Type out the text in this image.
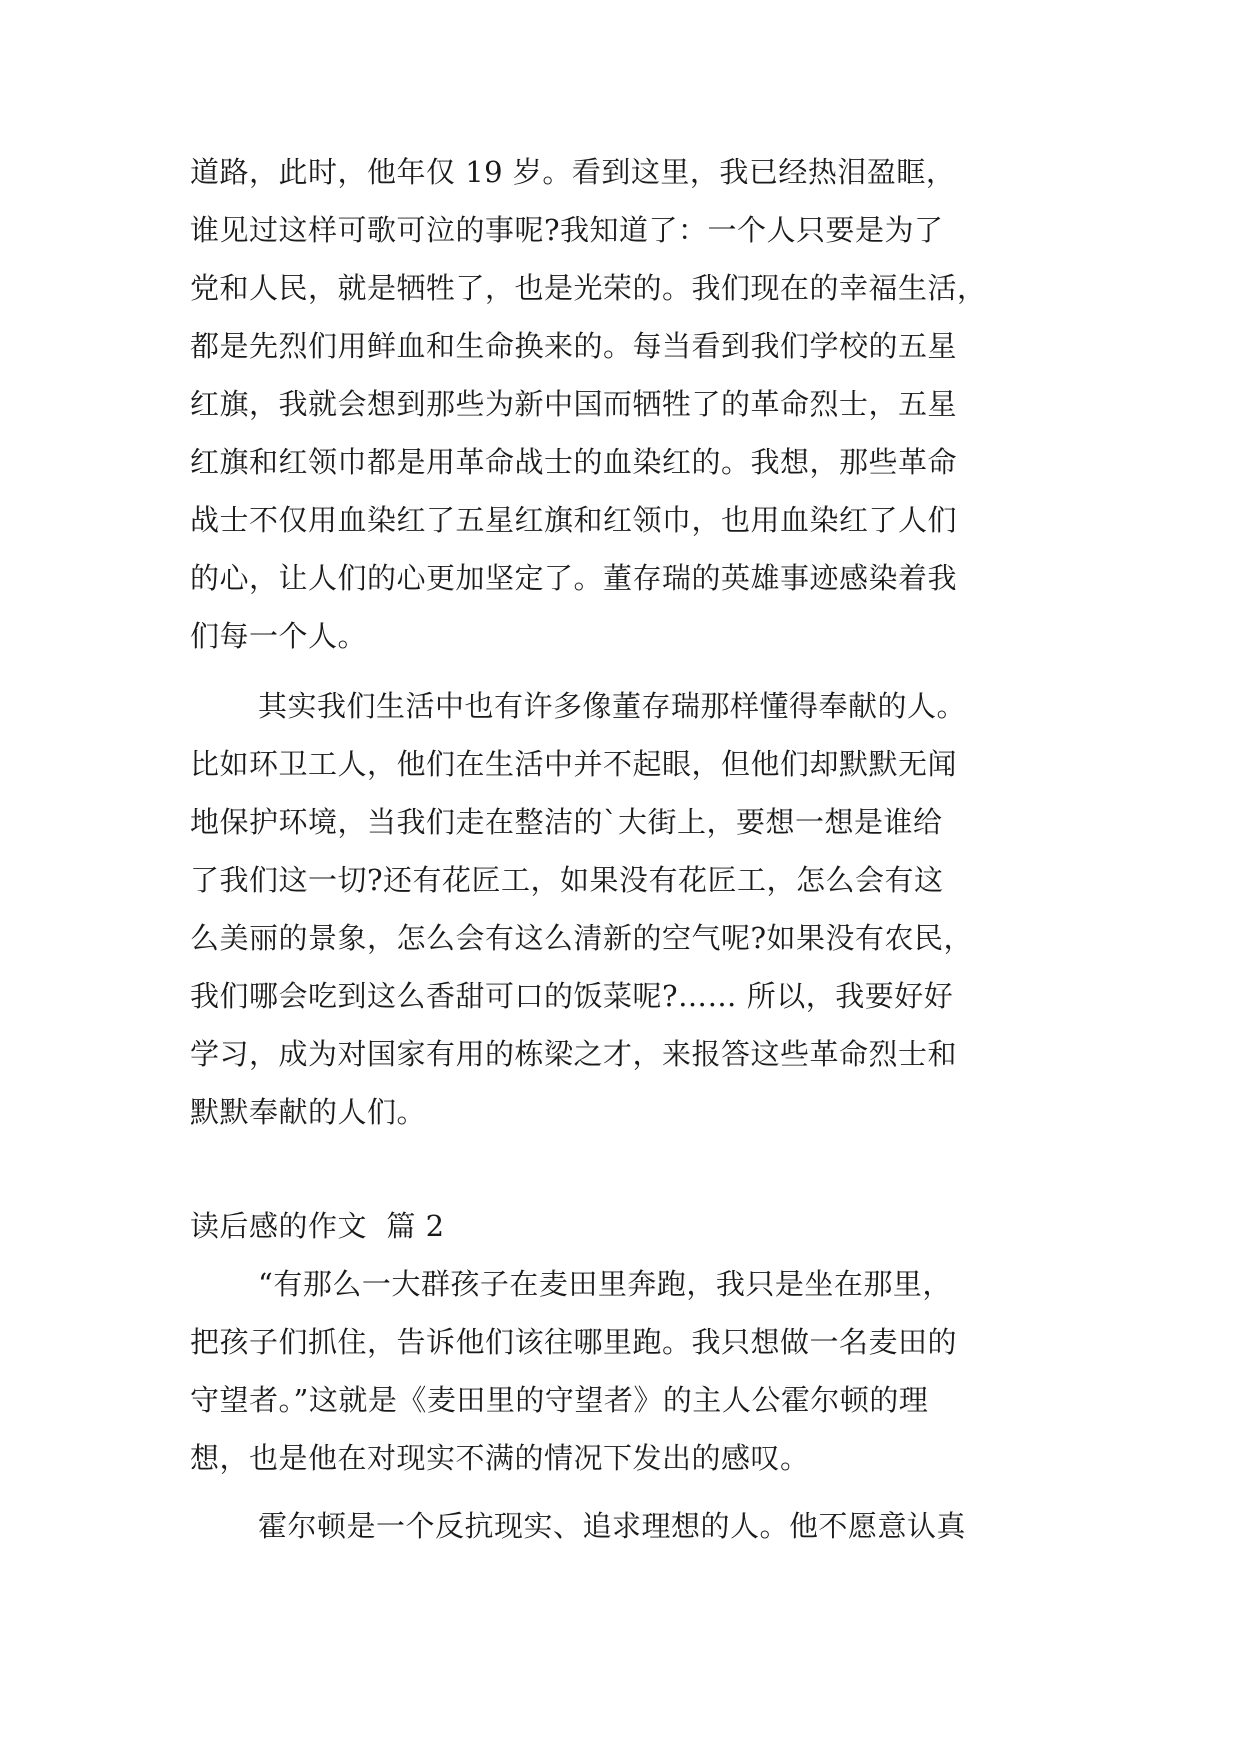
道路，此时，他年仅 19 岁。看到这里，我已经热泪盈眶，
谁见过这样可歌可泣的事呢?我知道了：一个人只要是为了
党和人民，就是牺牲了，也是光荣的。我们现在的幸福生活，
都是先烈们用鲜血和生命换来的。每当看到我们学校的五星
红旗，我就会想到那些为新中国而牺牲了的革命烈士，五星
红旗和红领巾都是用革命战士的血染红的。我想，那些革命
战士不仅用血染红了五星红旗和红领巾，也用血染红了人们
的心，让人们的心更加坚定了。董存瑞的英雄事迹感染着我
们每一个人。
其实我们生活中也有许多像董存瑞那样懂得奉献的人。
比如环卫工人，他们在生活中并不起眼，但他们却默默无闻
地保护环境，当我们走在整洁的`大街上，要想一想是谁给
了我们这一切?还有花匠工，如果没有花匠工，怎么会有这
么美丽的景象，怎么会有这么清新的空气呢?如果没有农民，
我们哪会吃到这么香甜可口的饭菜呢?…… 所以，我要好好
学习，成为对国家有用的栋梁之才，来报答这些革命烈士和
默默奉献的人们。
读后感的作文  篇 2
“有那么一大群孩子在麦田里奔跑，我只是坐在那里，
把孩子们抓住，告诉他们该往哪里跑。我只想做一名麦田的
守望者。”这就是《麦田里的守望者》的主人公霍尔顿的理
想，也是他在对现实不满的情况下发出的感叹。
霍尔顿是一个反抗现实、追求理想的人。他不愿意认真
